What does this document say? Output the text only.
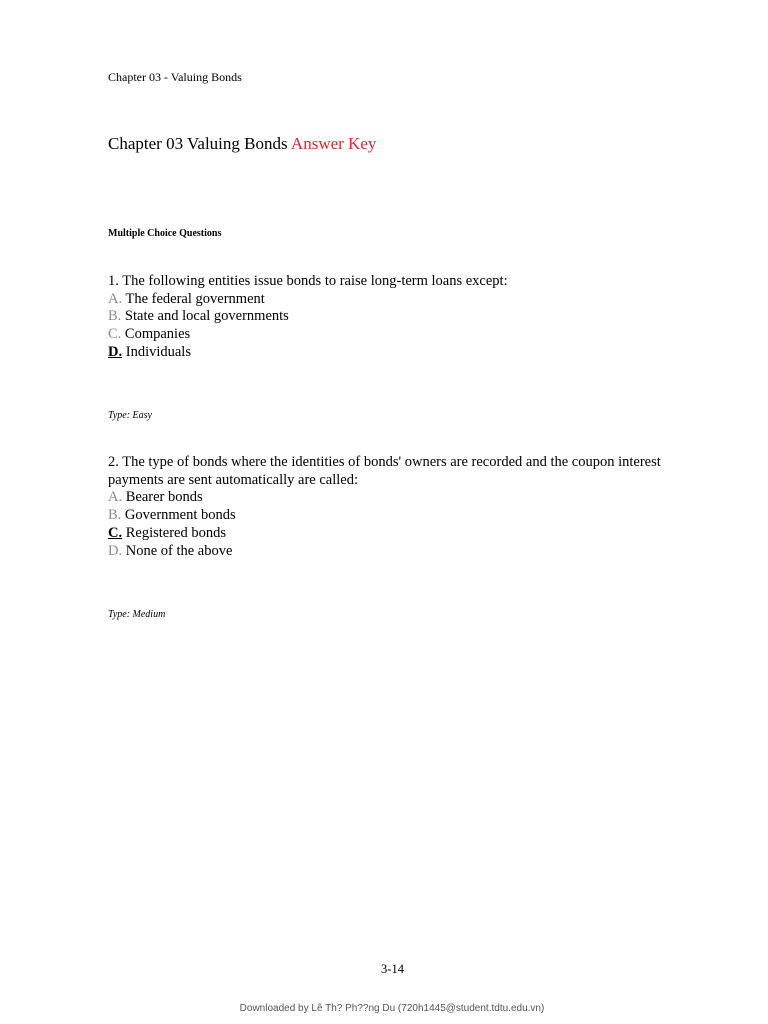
Chapter 03 - Valuing Bonds
Chapter 03 Valuing Bonds Answer Key
Multiple Choice Questions

1. The following entities issue bonds to raise long-term loans except:

A. The federal government

B. State and local governments

C. Companies

D. Individuals

Type: Easy

2. The type of bonds where the identities of bonds' owners are recorded and the coupon interest payments are sent automatically are called:

A. Bearer bonds

B. Government bonds

C. Registered bonds

D. None of the above

Type: Medium
3-14
Downloaded by Lê Th? Ph??ng Du (720h1445@student.tdtu.edu.vn)
